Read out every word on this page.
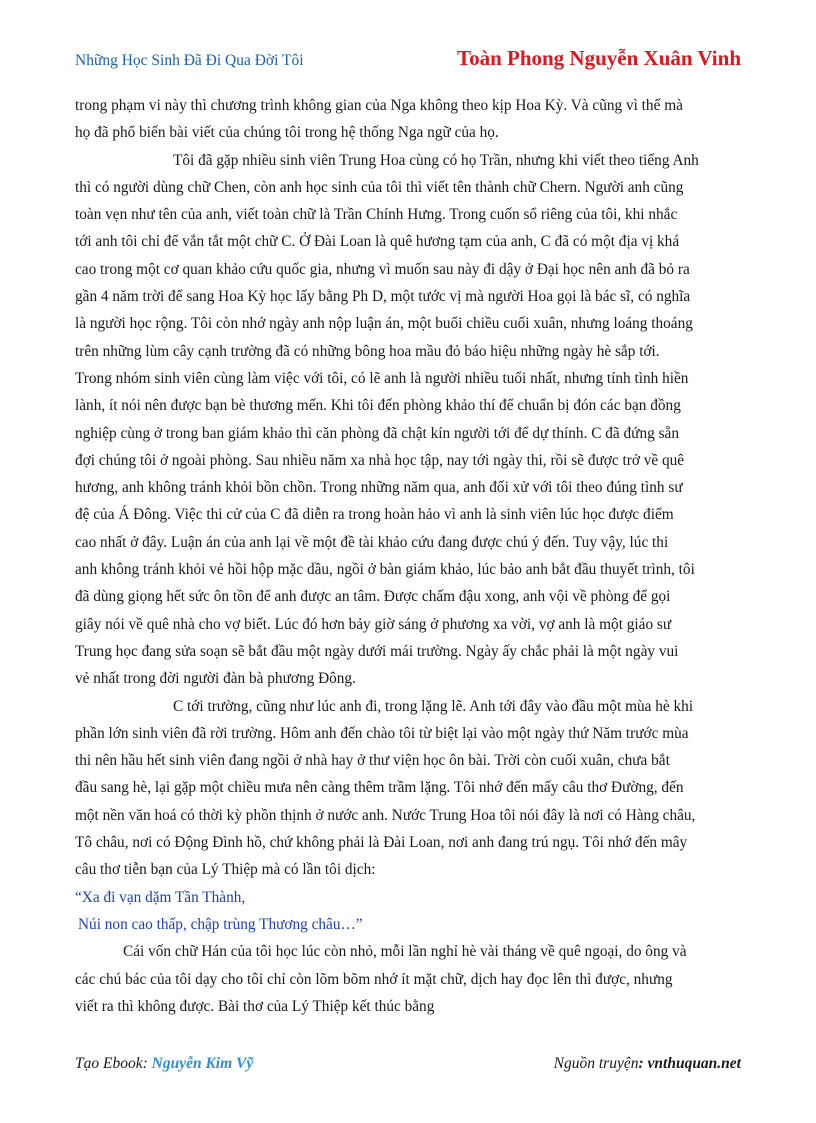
Những Học Sinh Đã Đi Qua Đời Tôi	Toàn Phong Nguyễn Xuân Vinh
trong phạm vi này thì chương trình không gian của Nga không theo kịp Hoa Kỳ. Và cũng vì thế mà
họ đã phổ biến bài viết của chúng tôi trong hệ thống Nga ngữ của họ.
Tôi đã gặp nhiều sinh viên Trung Hoa cùng có họ Trần, nhưng khi viết theo tiếng Anh
thì có người dùng chữ Chen, còn anh học sinh của tôi thì viết tên thành chữ Chern. Người anh cũng
toàn vẹn như tên của anh, viết toàn chữ là Trần Chính Hưng. Trong cuốn sổ riêng của tôi, khi nhắc
tới anh tôi chỉ để vắn tắt một chữ C. Ở Đài Loan là quê hương tạm của anh, C đã có một địa vị khá
cao trong một cơ quan khảo cứu quốc gia, nhưng vì muốn sau này đi dậy ở Đại học nên anh đã bỏ ra
gần 4 năm trời để sang Hoa Kỳ học lấy bằng Ph D, một tước vị mà người Hoa gọi là bác sĩ, có nghĩa
là người học rộng. Tôi còn nhớ ngày anh nộp luận án, một buổi chiều cuối xuân, nhưng loáng thoáng
trên những lùm cây cạnh trường đã có những bông hoa mầu đỏ báo hiệu những ngày hè sắp tới.
Trong nhóm sinh viên cùng làm việc với tôi, có lẽ anh là người nhiều tuổi nhất, nhưng tính tình hiền
lành, ít nói nên được bạn bè thương mến. Khi tôi đến phòng khảo thí để chuẩn bị đón các bạn đồng
nghiệp cùng ở trong ban giám khảo thì căn phòng đã chật kín người tới để dự thính. C đã đứng sẵn
đợi chúng tôi ở ngoài phòng. Sau nhiều năm xa nhà học tập, nay tới ngày thi, rồi sẽ được trở về quê
hương, anh không tránh khỏi bồn chồn. Trong những năm qua, anh đối xử với tôi theo đúng tình sư
đệ của Á Đông. Việc thi cử của C đã diễn ra trong hoàn hảo vì anh là sinh viên lúc học được điểm
cao nhất ở đây. Luận án của anh lại về một đề tài khảo cứu đang được chú ý đến. Tuy vậy, lúc thi
anh không tránh khỏi vẻ hồi hộp mặc dầu, ngồi ở bàn giám khảo, lúc bảo anh bắt đầu thuyết trình, tôi
đã dùng giọng hết sức ôn tồn để anh được an tâm. Được chấm đậu xong, anh vội về phòng để gọi
giây nói về quê nhà cho vợ biết. Lúc đó hơn bảy giờ sáng ở phương xa vời, vợ anh là một giáo sư
Trung học đang sửa soạn sẽ bắt đầu một ngày dưới mái trường. Ngày ấy chắc phải là một ngày vui
vẻ nhất trong đời người đàn bà phương Đông.
C tới trường, cũng như lúc anh đi, trong lặng lẽ. Anh tới đây vào đầu một mùa hè khi
phần lớn sinh viên đã rời trường. Hôm anh đến chào tôi từ biệt lại vào một ngày thứ Năm trước mùa
thi nên hầu hết sinh viên đang ngồi ở nhà hay ở thư viện học ôn bài. Trời còn cuối xuân, chưa bắt
đầu sang hè, lại gặp một chiều mưa nên càng thêm trầm lặng. Tôi nhớ đến mấy câu thơ Đường, đến
một nền văn hoá có thời kỳ phồn thịnh ở nước anh. Nước Trung Hoa tôi nói đây là nơi có Hàng châu,
Tô châu, nơi có Động Đình hồ, chứ không phải là Đài Loan, nơi anh đang trú ngụ. Tôi nhớ đến mây
câu thơ tiễn bạn của Lý Thiệp mà có lần tôi dịch:
“Xa đi vạn dặm Tần Thành,
Núi non cao thấp, chập trùng Thương châu…”
Cái vốn chữ Hán của tôi học lúc còn nhỏ, mỗi lần nghỉ hè vài tháng về quê ngoại, do ông và
các chú bác của tôi dạy cho tôi chỉ còn lõm bõm nhớ ít mặt chữ, dịch hay đọc lên thì được, nhưng
viết ra thì không được. Bài thơ của Lý Thiệp kết thúc bằng
Tạo Ebook: Nguyễn Kim Vỹ	Nguồn truyện: vnthuquan.net
